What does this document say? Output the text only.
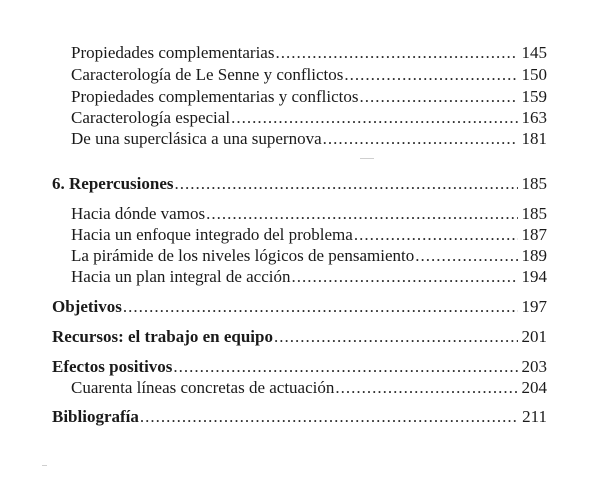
Propiedades complementarias .....	145
Caracterología de Le Senne y conflictos .....	150
Propiedades complementarias y conflictos .....	159
Caracterología especial .....	163
De una superclásica a una supernova .....	181
6. Repercusiones .....	185
Hacia dónde vamos .....	185
Hacia un enfoque integrado del problema .....	187
La pirámide de los niveles lógicos de pensamiento .....	189
Hacia un plan integral de acción .....	194
Objetivos .....	197
Recursos: el trabajo en equipo .....	201
Efectos positivos .....	203
Cuarenta líneas concretas de actuación .....	204
Bibliografía .....	211
